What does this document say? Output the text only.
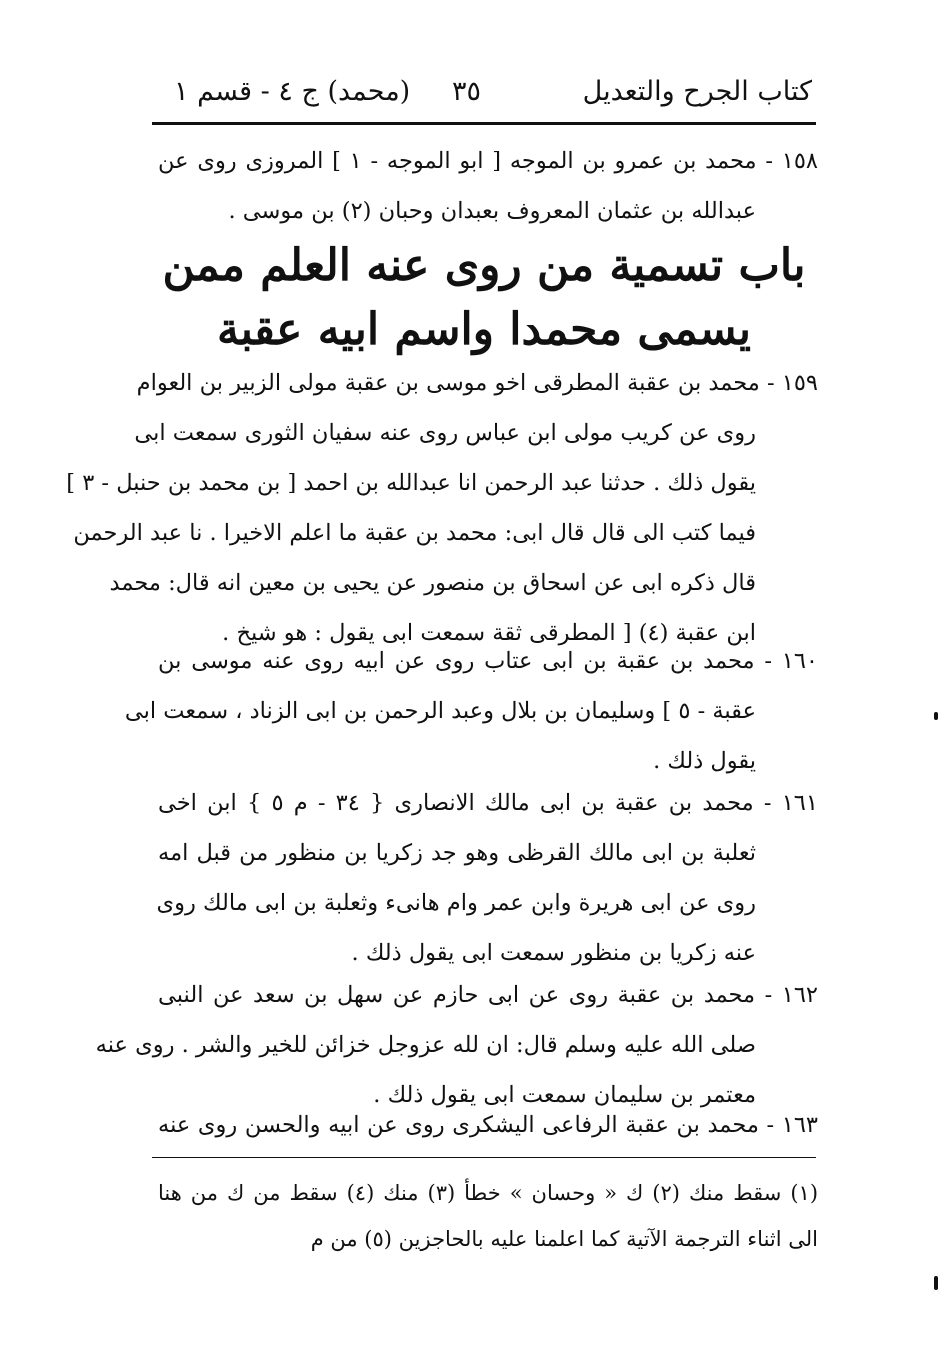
كتاب الجرح والتعديل
٣٥
(محمد) ج ٤ - قسم ١
١٥٨ - محمد بن عمرو بن الموجه [ ابو الموجه - ١ ] المروزى روى عن
عبدالله بن عثمان المعروف بعبدان وحبان (٢) بن موسى .
باب تسمية من روى عنه العلم ممن
يسمى محمدا واسم ابيه عقبة
١٥٩ - محمد بن عقبة المطرقى اخو موسى بن عقبة مولى الزبير بن العوام
روى عن كريب مولى ابن عباس روى عنه سفيان الثورى سمعت ابى
يقول ذلك . حدثنا عبد الرحمن انا عبدالله بن احمد [ بن محمد بن حنبل - ٣ ]
فيما كتب الى قال قال ابى: محمد بن عقبة ما اعلم الاخيرا . نا عبد الرحمن
قال ذكره ابى عن اسحاق بن منصور عن يحيى بن معين انه قال: محمد
ابن عقبة (٤) [ المطرقى ثقة سمعت ابى يقول : هو شيخ .
١٦٠ - محمد بن عقبة بن ابى عتاب روى عن ابيه روى عنه موسى بن
عقبة - ٥ ] وسليمان بن بلال وعبد الرحمن بن ابى الزناد ، سمعت ابى
يقول ذلك .
١٦١ - محمد بن عقبة بن ابى مالك الانصارى { ٣٤ - م ٥ } ابن اخى
ثعلبة بن ابى مالك القرظى وهو جد زكريا بن منظور من قبل امه
روى عن ابى هريرة وابن عمر وام هانىء وثعلبة بن ابى مالك روى
عنه زكريا بن منظور سمعت ابى يقول ذلك .
١٦٢ - محمد بن عقبة روى عن ابى حازم عن سهل بن سعد عن النبى
صلى الله عليه وسلم قال: ان لله عزوجل خزائن للخير والشر . روى عنه
معتمر بن سليمان سمعت ابى يقول ذلك .
١٦٣ - محمد بن عقبة الرفاعى اليشكرى روى عن ابيه والحسن روى عنه
(١) سقط منك (٢) ك « وحسان » خطأ (٣) منك (٤) سقط من ك من هنا
الى اثناء الترجمة الآتية كما اعلمنا عليه بالحاجزين (٥) من م
